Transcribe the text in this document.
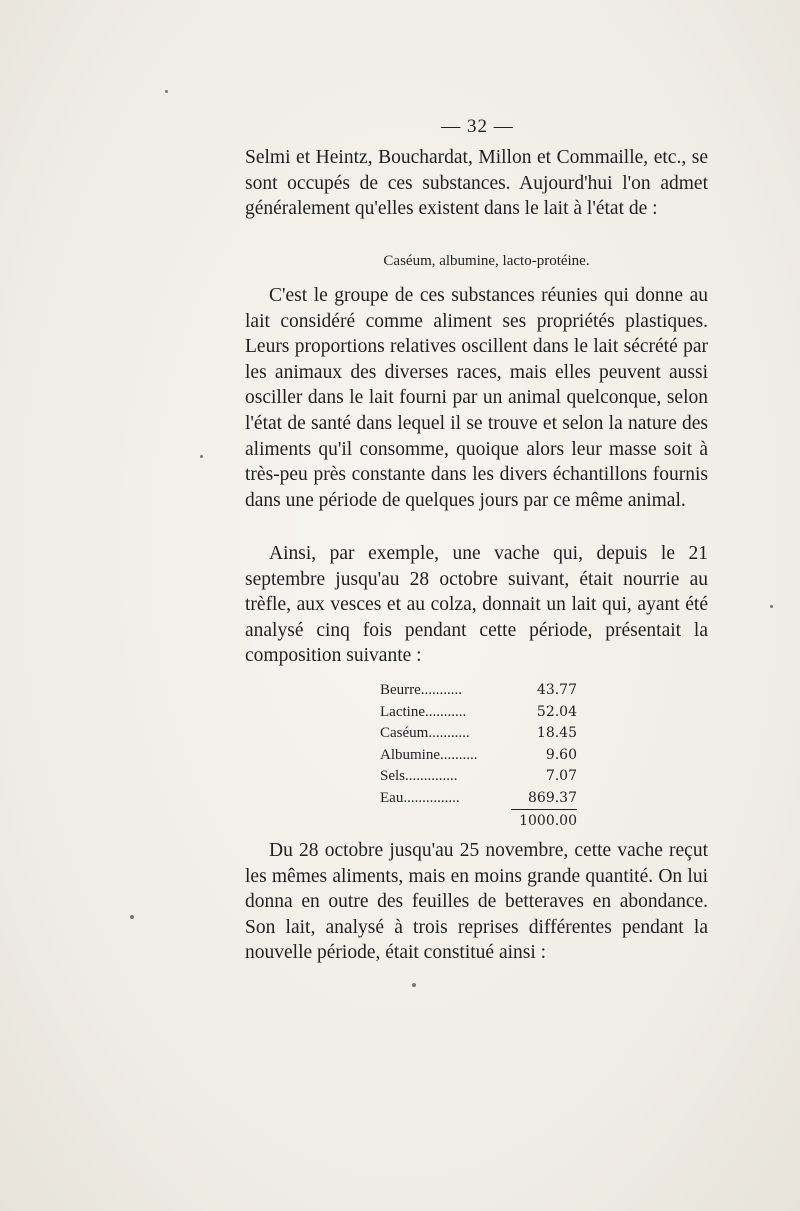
— 32 —

Selmi et Heintz, Bouchardat, Millon et Commaille, etc., se sont occupés de ces substances. Aujourd'hui l'on admet généralement qu'elles existent dans le lait à l'état de :

Caséum, albumine, lacto-protéine.

C'est le groupe de ces substances réunies qui donne au lait considéré comme aliment ses propriétés plastiques. Leurs proportions relatives oscillent dans le lait sécrété par les animaux des diverses races, mais elles peuvent aussi osciller dans le lait fourni par un animal quelconque, selon l'état de santé dans lequel il se trouve et selon la nature des aliments qu'il consomme, quoique alors leur masse soit à très-peu près constante dans les divers échantillons fournis dans une période de quelques jours par ce même animal.

Ainsi, par exemple, une vache qui, depuis le 21 septembre jusqu'au 28 octobre suivant, était nourrie au trèfle, aux vesces et au colza, donnait un lait qui, ayant été analysé cinq fois pendant cette période, présentait la composition suivante :

Beurre...........	43.77
Lactine...........	52.04
Caséum...........	18.45
Albumine..........	9.60
Sels..............	7.07
Eau...............	869.37
1000.00

Du 28 octobre jusqu'au 25 novembre, cette vache reçut les mêmes aliments, mais en moins grande quantité. On lui donna en outre des feuilles de betteraves en abondance. Son lait, analysé à trois reprises différentes pendant la nouvelle période, était constitué ainsi :
